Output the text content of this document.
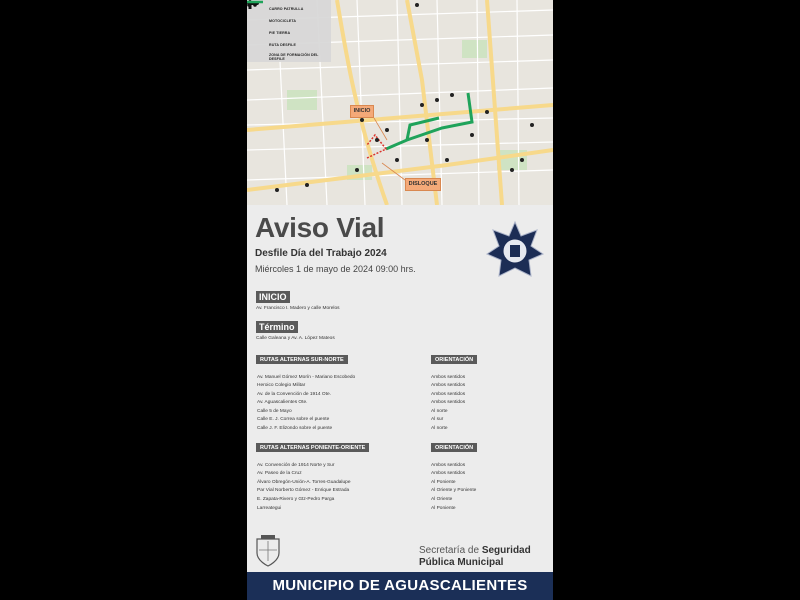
CARRO PATRULLA
MOTOCICLETA
PIE TIERRA
RUTA DESFILE
ZONA DE FORMACIÓN DEL DESFILE
INICIO
DISLOQUE
Aviso Vial
Desfile Día del Trabajo 2024
Miércoles 1 de mayo de 2024 09:00 hrs.
INICIO
Av. Francisco I. Madero y calle Morelos
Término
Calle Galeana y Av. A. López Mateos
RUTAS ALTERNAS SUR-NORTE	ORIENTACIÓN
Av. Manuel Gómez Morín - Mariano Escobedo	Ambos sentidos
Heroico Colegio Militar	Ambos sentidos
Av. de la Convención de 1914 Ote.	Ambos sentidos
Av. Aguascalientes Ote.	Ambos sentidos
Calle 5 de Mayo	Al norte
Calle E. J. Correa sobre el puente	Al sur
Calle J. F. Elizondo sobre el puente	Al norte
RUTAS ALTERNAS PONIENTE-ORIENTE	ORIENTACIÓN
Av. Convención de 1914 Norte y Sur	Ambos sentidos
Av. Paseo de la Cruz	Ambos sentidos
Álvaro Obregón-Unión-A. Torres-Guadalupe	Al Poniente
Par Vial Norberto Gómez - Enrique Estrada	Al Oriente y Poniente
E. Zapata-Rivero y Gtz-Pedro Parga	Al Oriente
Larreategui	Al Poniente
Secretaría de Seguridad
Pública Municipal
MUNICIPIO DE AGUASCALIENTES
